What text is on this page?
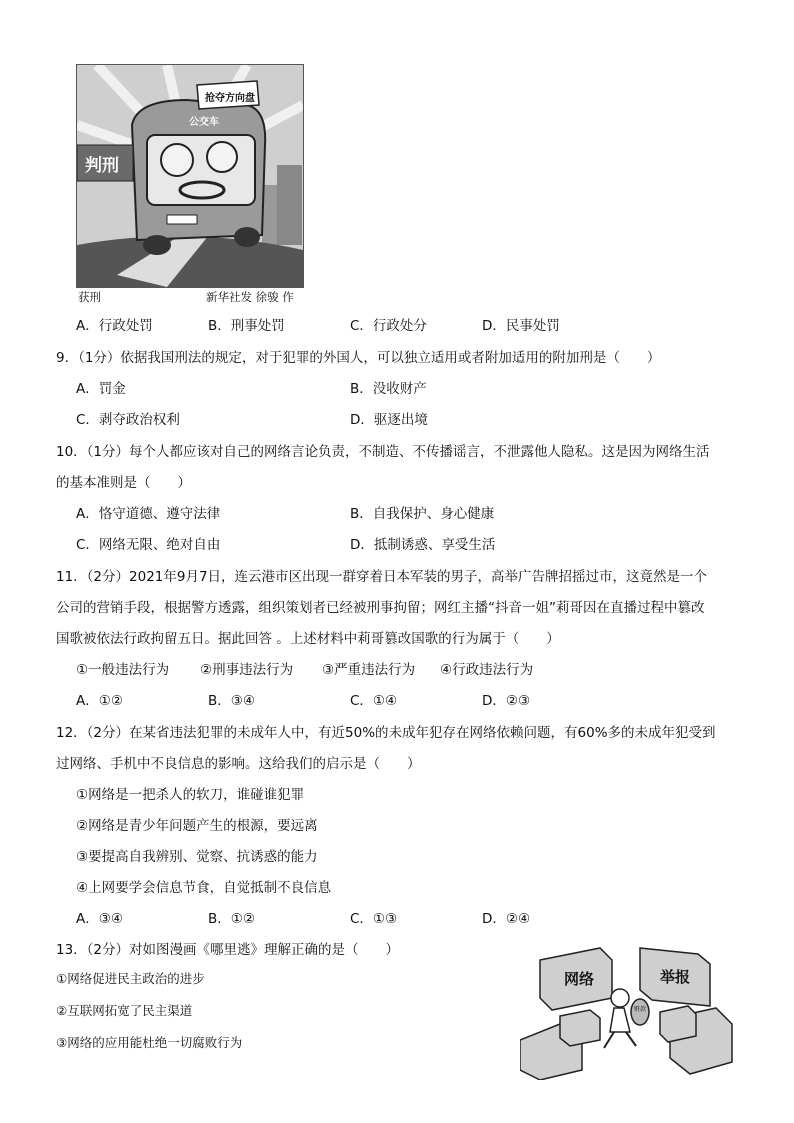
抢夺方向盘
公交车
判刑
获刑	新华社发 徐骏 作
A．行政处罚	B．刑事处罚	C．行政处分	D．民事处罚
9．（1分）依据我国刑法的规定，对于犯罪的外国人，可以独立适用或者附加适用的附加刑是（　　）
A．罚金	B．没收财产
C．剥夺政治权利	D．驱逐出境
10．（1分）每个人都应该对自己的网络言论负责，不制造、不传播谣言，不泄露他人隐私。这是因为网络生活
的基本准则是（　　）
A．恪守道德、遵守法律	B．自我保护、身心健康
C．网络无限、绝对自由	D．抵制诱惑、享受生活
11．（2分）2021年9月7日，连云港市区出现一群穿着日本军装的男子，高举广告牌招摇过市，这竟然是一个
公司的营销手段，根据警方透露，组织策划者已经被刑事拘留；网红主播“抖音一姐”莉哥因在直播过程中篡改
国歌被依法行政拘留五日。据此回答 。上述材料中莉哥篡改国歌的行为属于（　　）
①一般违法行为 ②刑事违法行为 ③严重违法行为 ④行政违法行为
A．①②	B．③④	C．①④	D．②③
12．（2分）在某省违法犯罪的未成年人中，有近50%的未成年犯存在网络依赖问题，有60%多的未成年犯受到
过网络、手机中不良信息的影响。这给我们的启示是（　　）
①网络是一把杀人的软刀，谁碰谁犯罪
②网络是青少年问题产生的根源，要远离
③要提高自我辨别、觉察、抗诱惑的能力
④上网要学会信息节食，自觉抵制不良信息
A．③④	B．①②	C．①③	D．②④
13．（2分）对如图漫画《哪里逃》理解正确的是（　　）
①网络促进民主政治的进步
②互联网拓宽了民主渠道
③网络的应用能杜绝一切腐败行为
网络	举报
赃款
